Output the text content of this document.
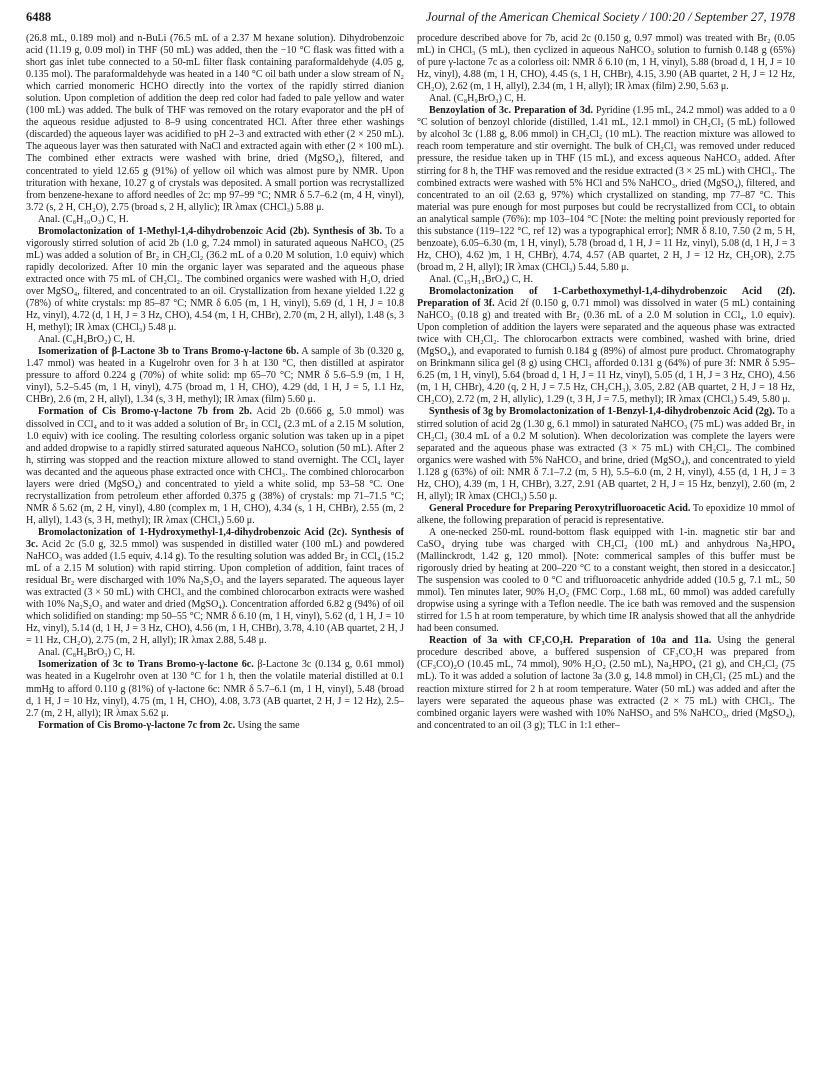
6488	Journal of the American Chemical Society / 100:20 / September 27, 1978

(26.8 mL, 0.189 mol) and n-BuLi (76.5 mL of a 2.37 M hexane solution). Dihydrobenzoic acid (11.19 g, 0.09 mol) in THF (50 mL) was added, then the −10 °C flask was fitted with a short gas inlet tube connected to a 50-mL filter flask containing paraformaldehyde (4.05 g, 0.135 mol). The paraformaldehyde was heated in a 140 °C oil bath under a slow stream of N₂ which carried monomeric HCHO directly into the vortex of the rapidly stirred dianion solution. Upon completion of addition the deep red color had faded to pale yellow and water (100 mL) was added. The bulk of THF was removed on the rotary evaporator and the pH of the aqueous residue adjusted to 8–9 using concentrated HCl. After three ether washings (discarded) the aqueous layer was acidified to pH 2–3 and extracted with ether (2 × 250 mL). The aqueous layer was then saturated with NaCl and extracted again with ether (2 × 100 mL). The combined ether extracts were washed with brine, dried (MgSO₄), filtered, and concentrated to yield 12.65 g (91%) of yellow oil which was almost pure by NMR. Upon trituration with hexane, 10.27 g of crystals was deposited. A small portion was recrystallized from benzene-hexane to afford needles of 2c: mp 97–99 °C; NMR δ 5.7–6.2 (m, 4 H, vinyl), 3.72 (s, 2 H, CH₂O), 2.75 (broad s, 2 H, allylic); IR λmax (CHCl₃) 5.88 μ.

Anal. (C₈H₁₀O₃) C, H.

Bromolactonization of 1-Methyl-1,4-dihydrobenzoic Acid (2b). Synthesis of 3b. To a vigorously stirred solution of acid 2b (1.0 g, 7.24 mmol) in saturated aqueous NaHCO₃ (25 mL) was added a solution of Br₂ in CH₂Cl₂ (36.2 mL of a 0.20 M solution, 1.0 equiv) which rapidly decolorized. After 10 min the organic layer was separated and the aqueous phase extracted once with 75 mL of CH₂Cl₂. The combined organics were washed with H₂O, dried over MgSO₄, filtered, and concentrated to an oil. Crystallization from hexane yielded 1.22 g (78%) of white crystals: mp 85–87 °C; NMR δ 6.05 (m, 1 H, vinyl), 5.69 (d, 1 H, J = 10.8 Hz, vinyl), 4.72 (d, 1 H, J = 3 Hz, CHO), 4.54 (m, 1 H, CHBr), 2.70 (m, 2 H, allyl), 1.48 (s, 3 H, methyl); IR λmax (CHCl₃) 5.48 μ.

Anal. (C₈H₉BrO₂) C, H.

Isomerization of β-Lactone 3b to Trans Bromo-γ-lactone 6b. A sample of 3b (0.320 g, 1.47 mmol) was heated in a Kugelrohr oven for 3 h at 130 °C, then distilled at aspirator pressure to afford 0.224 g (70%) of white solid: mp 65–70 °C; NMR δ 5.6–5.9 (m, 1 H, vinyl), 5.2–5.45 (m, 1 H, vinyl), 4.75 (broad m, 1 H, CHO), 4.29 (dd, 1 H, J = 5, 1.1 Hz, CHBr), 2.6 (m, 2 H, allyl), 1.34 (s, 3 H, methyl); IR λmax (film) 5.60 μ.

Formation of Cis Bromo-γ-lactone 7b from 2b. Acid 2b (0.666 g, 5.0 mmol) was dissolved in CCl₄ and to it was added a solution of Br₂ in CCl₄ (2.3 mL of a 2.15 M solution, 1.0 equiv) with ice cooling. The resulting colorless organic solution was taken up in a pipet and added dropwise to a rapidly stirred saturated aqueous NaHCO₃ solution (50 mL). After 2 h, stirring was stopped and the reaction mixture allowed to stand overnight. The CCl₄ layer was decanted and the aqueous phase extracted once with CHCl₃. The combined chlorocarbon layers were dried (MgSO₄) and concentrated to yield a white solid, mp 53–58 °C. One recrystallization from petroleum ether afforded 0.375 g (38%) of crystals: mp 71–71.5 °C; NMR δ 5.62 (m, 2 H, vinyl), 4.80 (complex m, 1 H, CHO), 4.34 (s, 1 H, CHBr), 2.55 (m, 2 H, allyl), 1.43 (s, 3 H, methyl); IR λmax (CHCl₃) 5.60 μ.

Bromolactonization of 1-Hydroxymethyl-1,4-dihydrobenzoic Acid (2c). Synthesis of 3c. Acid 2c (5.0 g, 32.5 mmol) was suspended in distilled water (100 mL) and powdered NaHCO₃ was added (1.5 equiv, 4.14 g). To the resulting solution was added Br₂ in CCl₄ (15.2 mL of a 2.15 M solution) with rapid stirring. Upon completion of addition, faint traces of residual Br₂ were discharged with 10% Na₂S₂O₃ and the layers separated. The aqueous layer was extracted (3 × 50 mL) with CHCl₃ and the combined chlorocarbon extracts were washed with 10% Na₂S₂O₃ and water and dried (MgSO₄). Concentration afforded 6.82 g (94%) of oil which solidified on standing: mp 50–55 °C; NMR δ 6.10 (m, 1 H, vinyl), 5.62 (d, 1 H, J = 10 Hz, vinyl), 5.14 (d, 1 H, J = 3 Hz, CHO), 4.56 (m, 1 H, CHBr), 3.78, 4.10 (AB quartet, 2 H, J = 11 Hz, CH₂O), 2.75 (m, 2 H, allyl); IR λmax 2.88, 5.48 μ.

Anal. (C₈H₉BrO₃) C, H.

Isomerization of 3c to Trans Bromo-γ-lactone 6c. β-Lactone 3c (0.134 g, 0.61 mmol) was heated in a Kugelrohr oven at 130 °C for 1 h, then the volatile material distilled at 0.1 mmHg to afford 0.110 g (81%) of γ-lactone 6c: NMR δ 5.7–6.1 (m, 1 H, vinyl), 5.48 (broad d, 1 H, J = 10 Hz, vinyl), 4.75 (m, 1 H, CHO), 4.08, 3.73 (AB quartet, 2 H, J = 12 Hz), 2.5–2.7 (m, 2 H, allyl); IR λmax 5.62 μ.

Formation of Cis Bromo-γ-lactone 7c from 2c. Using the same

procedure described above for 7b, acid 2c (0.150 g, 0.97 mmol) was treated with Br₂ (0.05 mL) in CHCl₃ (5 mL), then cyclized in aqueous NaHCO₃ solution to furnish 0.148 g (65%) of pure γ-lactone 7c as a colorless oil: NMR δ 6.10 (m, 1 H, vinyl), 5.88 (broad d, 1 H, J = 10 Hz, vinyl), 4.88 (m, 1 H, CHO), 4.45 (s, 1 H, CHBr), 4.15, 3.90 (AB quartet, 2 H, J = 12 Hz, CH₂O), 2.62 (m, 1 H, allyl), 2.34 (m, 1 H, allyl); IR λmax (film) 2.90, 5.63 μ.

Anal. (C₈H₉BrO₃) C, H.

Benzoylation of 3c. Preparation of 3d. Pyridine (1.95 mL, 24.2 mmol) was added to a 0 °C solution of benzoyl chloride (distilled, 1.41 mL, 12.1 mmol) in CH₂Cl₂ (5 mL) followed by alcohol 3c (1.88 g, 8.06 mmol) in CH₂Cl₂ (10 mL). The reaction mixture was allowed to reach room temperature and stir overnight. The bulk of CH₂Cl₂ was removed under reduced pressure, the residue taken up in THF (15 mL), and excess aqueous NaHCO₃ added. After stirring for 8 h, the THF was removed and the residue extracted (3 × 25 mL) with CHCl₃. The combined extracts were washed with 5% HCl and 5% NaHCO₃, dried (MgSO₄), filtered, and concentrated to an oil (2.63 g, 97%) which crystallized on standing, mp 77–87 °C. This material was pure enough for most purposes but could be recrystallized from CCl₄ to obtain an analytical sample (76%): mp 103–104 °C [Note: the melting point previously reported for this substance (119–122 °C, ref 12) was a typographical error]; NMR δ 8.10, 7.50 (2 m, 5 H, benzoate), 6.05–6.30 (m, 1 H, vinyl), 5.78 (broad d, 1 H, J = 11 Hz, vinyl), 5.08 (d, 1 H, J = 3 Hz, CHO), 4.62 )m, 1 H, CHBr), 4.74, 4.57 (AB quartet, 2 H, J = 12 Hz, CH₂OR), 2.75 (broad m, 2 H, allyl); IR λmax (CHCl₃) 5.44, 5.80 μ.

Anal. (C₁₅H₁₃BrO₄) C, H.

Bromolactonization of 1-Carbethoxymethyl-1,4-dihydrobenzoic Acid (2f). Preparation of 3f. Acid 2f (0.150 g, 0.71 mmol) was dissolved in water (5 mL) containing NaHCO₃ (0.18 g) and treated with Br₂ (0.36 mL of a 2.0 M solution in CCl₄, 1.0 equiv). Upon completion of addition the layers were separated and the aqueous phase was extracted twice with CH₂Cl₂. The chlorocarbon extracts were combined, washed with brine, dried (MgSO₄), and evaporated to furnish 0.184 g (89%) of almost pure product. Chromatography on Brinkmann silica gel (8 g) using CHCl₃ afforded 0.131 g (64%) of pure 3f: NMR δ 5.95–6.25 (m, 1 H, vinyl), 5.64 (broad d, 1 H, J = 11 Hz, vinyl), 5.05 (d, 1 H, J = 3 Hz, CHO), 4.56 (m, 1 H, CHBr), 4.20 (q, 2 H, J = 7.5 Hz, CH₂CH₃), 3.05, 2.82 (AB quartet, 2 H, J = 18 Hz, CH₂CO), 2.72 (m, 2 H, allylic), 1.29 (t, 3 H, J = 7.5, methyl); IR λmax (CHCl₃) 5.49, 5.80 μ.

Synthesis of 3g by Bromolactonization of 1-Benzyl-1,4-dihydrobenzoic Acid (2g). To a stirred solution of acid 2g (1.30 g, 6.1 mmol) in saturated NaHCO₃ (75 mL) was added Br₂ in CH₂Cl₂ (30.4 mL of a 0.2 M solution). When decolorization was complete the layers were separated and the aqueous phase was extracted (3 × 75 mL) with CH₂Cl₂. The combined organics were washed with 5% NaHCO₃ and brine, dried (MgSO₄), and concentrated to yield 1.128 g (63%) of oil: NMR δ 7.1–7.2 (m, 5 H), 5.5–6.0 (m, 2 H, vinyl), 4.55 (d, 1 H, J = 3 Hz, CHO), 4.39 (m, 1 H, CHBr), 3.27, 2.91 (AB quartet, 2 H, J = 15 Hz, benzyl), 2.60 (m, 2 H, allyl); IR λmax (CHCl₃) 5.50 μ.

General Procedure for Preparing Peroxytrifluoroacetic Acid. To epoxidize 10 mmol of alkene, the following preparation of peracid is representative.

A one-necked 250-mL round-bottom flask equipped with 1-in. magnetic stir bar and CaSO₄ drying tube was charged with CH₂Cl₂ (100 mL) and anhydrous Na₂HPO₄ (Mallinckrodt, 1.42 g, 120 mmol). [Note: commerical samples of this buffer must be rigorously dried by heating at 200–220 °C to a constant weight, then stored in a desiccator.] The suspension was cooled to 0 °C and trifluoroacetic anhydride added (10.5 g, 7.1 mL, 50 mmol). Ten minutes later, 90% H₂O₂ (FMC Corp., 1.68 mL, 60 mmol) was added carefully dropwise using a syringe with a Teflon needle. The ice bath was removed and the suspension stirred for 1.5 h at room temperature, by which time IR analysis showed that all the anhydride had been consumed.

Reaction of 3a with CF₃CO₃H. Preparation of 10a and 11a. Using the general procedure described above, a buffered suspension of CF₃CO₃H was prepared from (CF₃CO)₂O (10.45 mL, 74 mmol), 90% H₂O₂ (2.50 mL), Na₂HPO₄ (21 g), and CH₂Cl₂ (75 mL). To it was added a solution of lactone 3a (3.0 g, 14.8 mmol) in CH₂Cl₂ (25 mL) and the reaction mixture stirred for 2 h at room temperature. Water (50 mL) was added and after the layers were separated the aqueous phase was extracted (2 × 75 mL) with CHCl₃. The combined organic layers were washed with 10% NaHSO₃ and 5% NaHCO₃, dried (MgSO₄), and concentrated to an oil (3 g); TLC in 1:1 ether–
